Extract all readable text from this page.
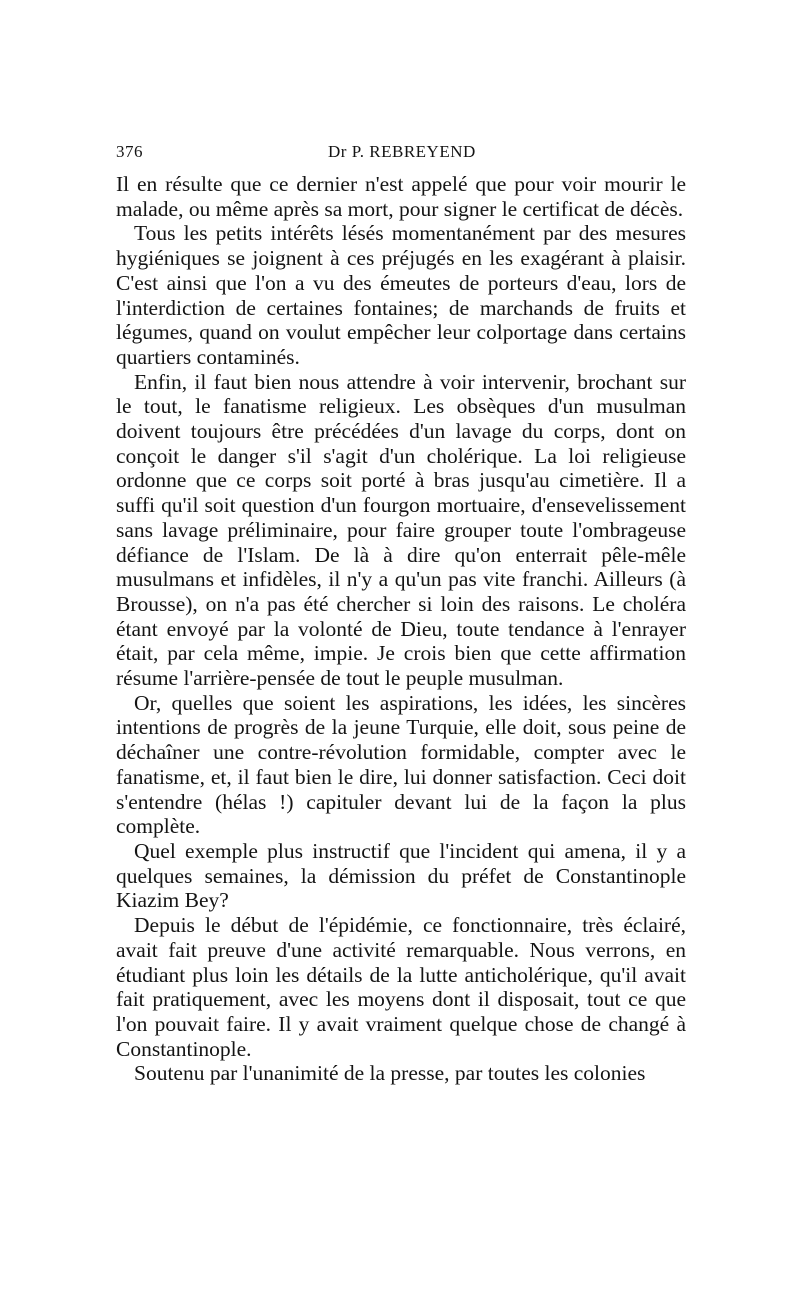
376	Dr P. REBREYEND

Il en résulte que ce dernier n'est appelé que pour voir mourir le malade, ou même après sa mort, pour signer le certificat de décès.

Tous les petits intérêts lésés momentanément par des mesures hygiéniques se joignent à ces préjugés en les exagérant à plaisir. C'est ainsi que l'on a vu des émeutes de porteurs d'eau, lors de l'interdiction de certaines fontaines; de marchands de fruits et légumes, quand on voulut empêcher leur colportage dans certains quartiers contaminés.

Enfin, il faut bien nous attendre à voir intervenir, brochant sur le tout, le fanatisme religieux. Les obsèques d'un musulman doivent toujours être précédées d'un lavage du corps, dont on conçoit le danger s'il s'agit d'un cholérique. La loi religieuse ordonne que ce corps soit porté à bras jusqu'au cimetière. Il a suffi qu'il soit question d'un fourgon mortuaire, d'ensevelissement sans lavage préliminaire, pour faire grouper toute l'ombrageuse défiance de l'Islam. De là à dire qu'on enterrait pêle-mêle musulmans et infidèles, il n'y a qu'un pas vite franchi. Ailleurs (à Brousse), on n'a pas été chercher si loin des raisons. Le choléra étant envoyé par la volonté de Dieu, toute tendance à l'enrayer était, par cela même, impie. Je crois bien que cette affirmation résume l'arrière-pensée de tout le peuple musulman.

Or, quelles que soient les aspirations, les idées, les sincères intentions de progrès de la jeune Turquie, elle doit, sous peine de déchaîner une contre-révolution formidable, compter avec le fanatisme, et, il faut bien le dire, lui donner satisfaction. Ceci doit s'entendre (hélas !) capituler devant lui de la façon la plus complète.

Quel exemple plus instructif que l'incident qui amena, il y a quelques semaines, la démission du préfet de Constantinople Kiazim Bey?

Depuis le début de l'épidémie, ce fonctionnaire, très éclairé, avait fait preuve d'une activité remarquable. Nous verrons, en étudiant plus loin les détails de la lutte anticholérique, qu'il avait fait pratiquement, avec les moyens dont il disposait, tout ce que l'on pouvait faire. Il y avait vraiment quelque chose de changé à Constantinople.

Soutenu par l'unanimité de la presse, par toutes les colonies
